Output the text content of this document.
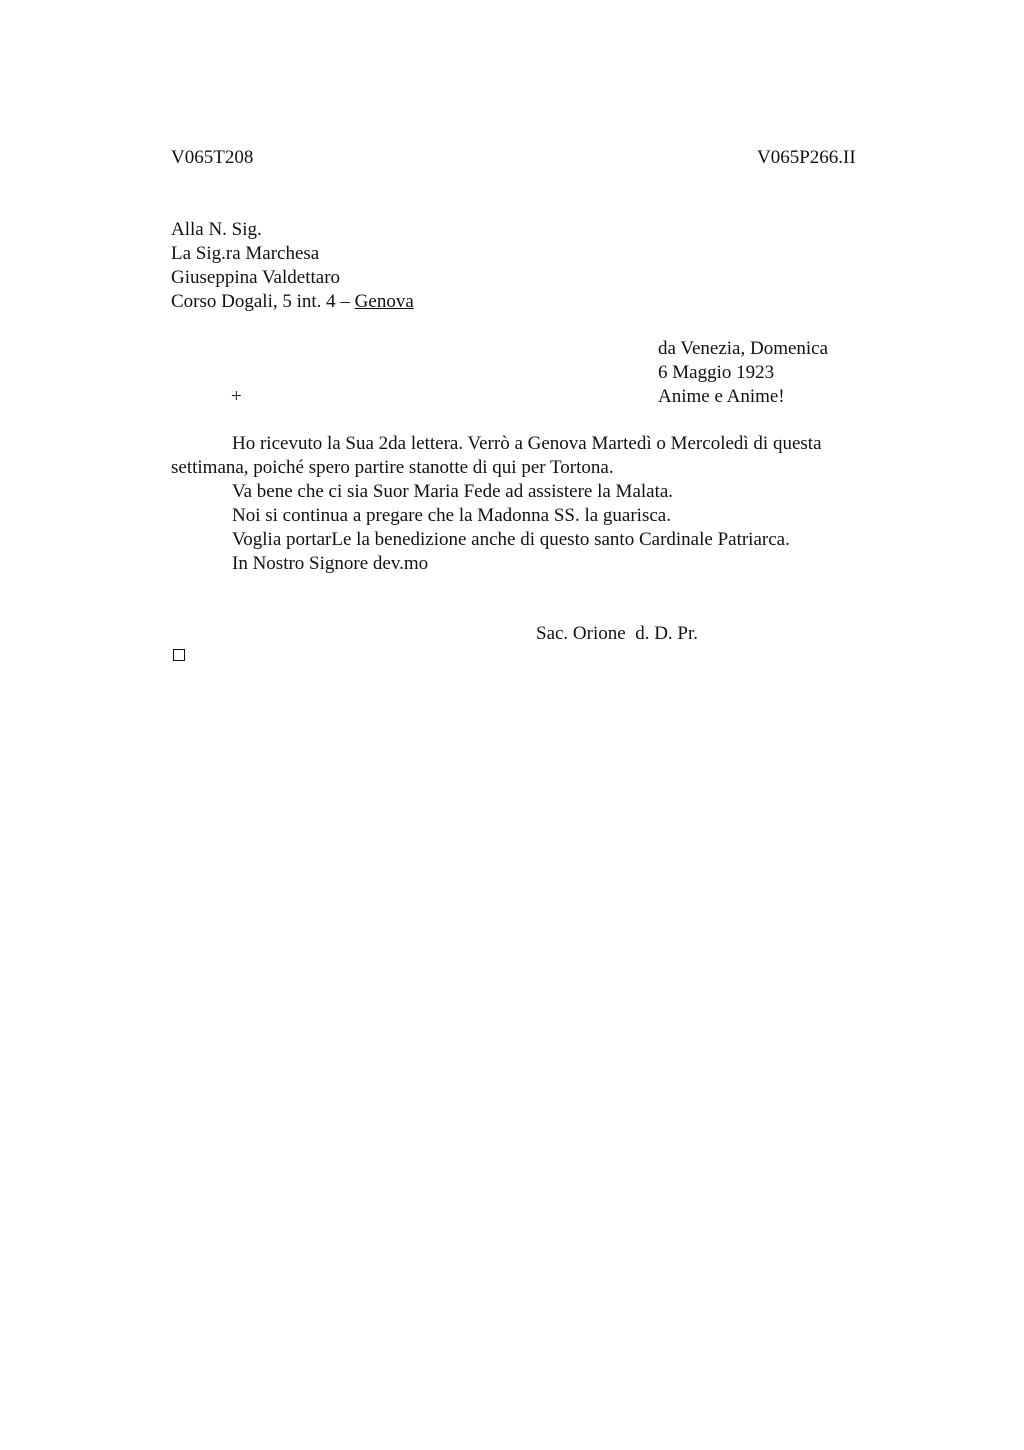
V065T208	V065P266.II
Alla N. Sig.
La Sig.ra Marchesa
Giuseppina Valdettaro
Corso Dogali, 5 int. 4 – Genova
da Venezia, Domenica
6 Maggio 1923
Anime e Anime!
+
Ho ricevuto la Sua 2da lettera. Verrò a Genova Martedì o Mercoledì di questa settimana, poiché spero partire stanotte di qui per Tortona.
Va bene che ci sia Suor Maria Fede ad assistere la Malata.
Noi si continua a pregare che la Madonna SS. la guarisca.
Voglia portarLe la benedizione anche di questo santo Cardinale Patriarca.
In Nostro Signore dev.mo
Sac. Orione  d. D. Pr.
